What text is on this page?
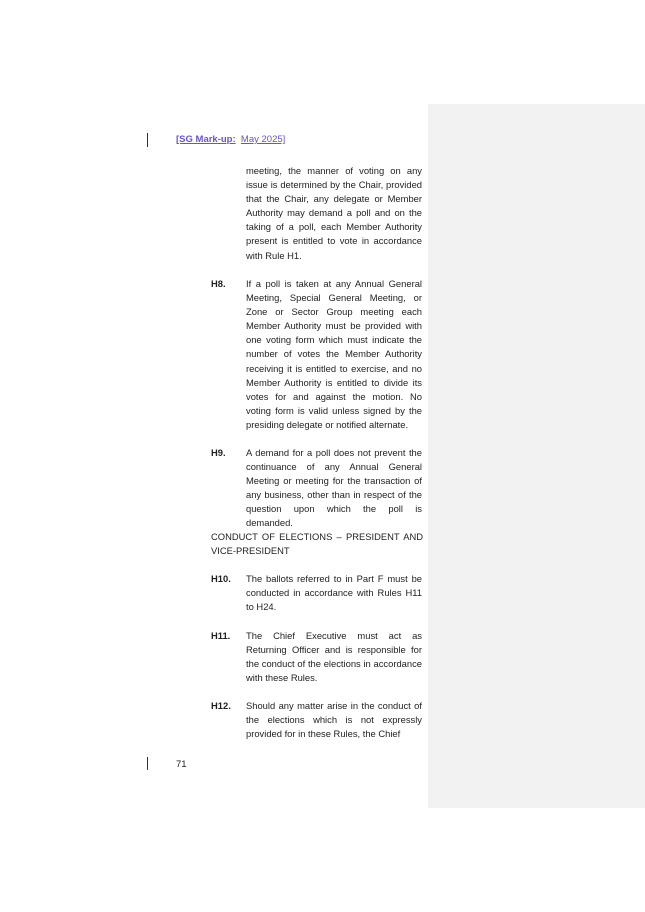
[SG Mark-up: May 2025]
meeting, the manner of voting on any issue is determined by the Chair, provided that the Chair, any delegate or Member Authority may demand a poll and on the taking of a poll, each Member Authority present is entitled to vote in accordance with Rule H1.
H8. If a poll is taken at any Annual General Meeting, Special General Meeting, or Zone or Sector Group meeting each Member Authority must be provided with one voting form which must indicate the number of votes the Member Authority receiving it is entitled to exercise, and no Member Authority is entitled to divide its votes for and against the motion. No voting form is valid unless signed by the presiding delegate or notified alternate.
H9. A demand for a poll does not prevent the continuance of any Annual General Meeting or meeting for the transaction of any business, other than in respect of the question upon which the poll is demanded.
CONDUCT OF ELECTIONS – PRESIDENT AND VICE-PRESIDENT
H10. The ballots referred to in Part F must be conducted in accordance with Rules H11 to H24.
H11. The Chief Executive must act as Returning Officer and is responsible for the conduct of the elections in accordance with these Rules.
H12. Should any matter arise in the conduct of the elections which is not expressly provided for in these Rules, the Chief
71
